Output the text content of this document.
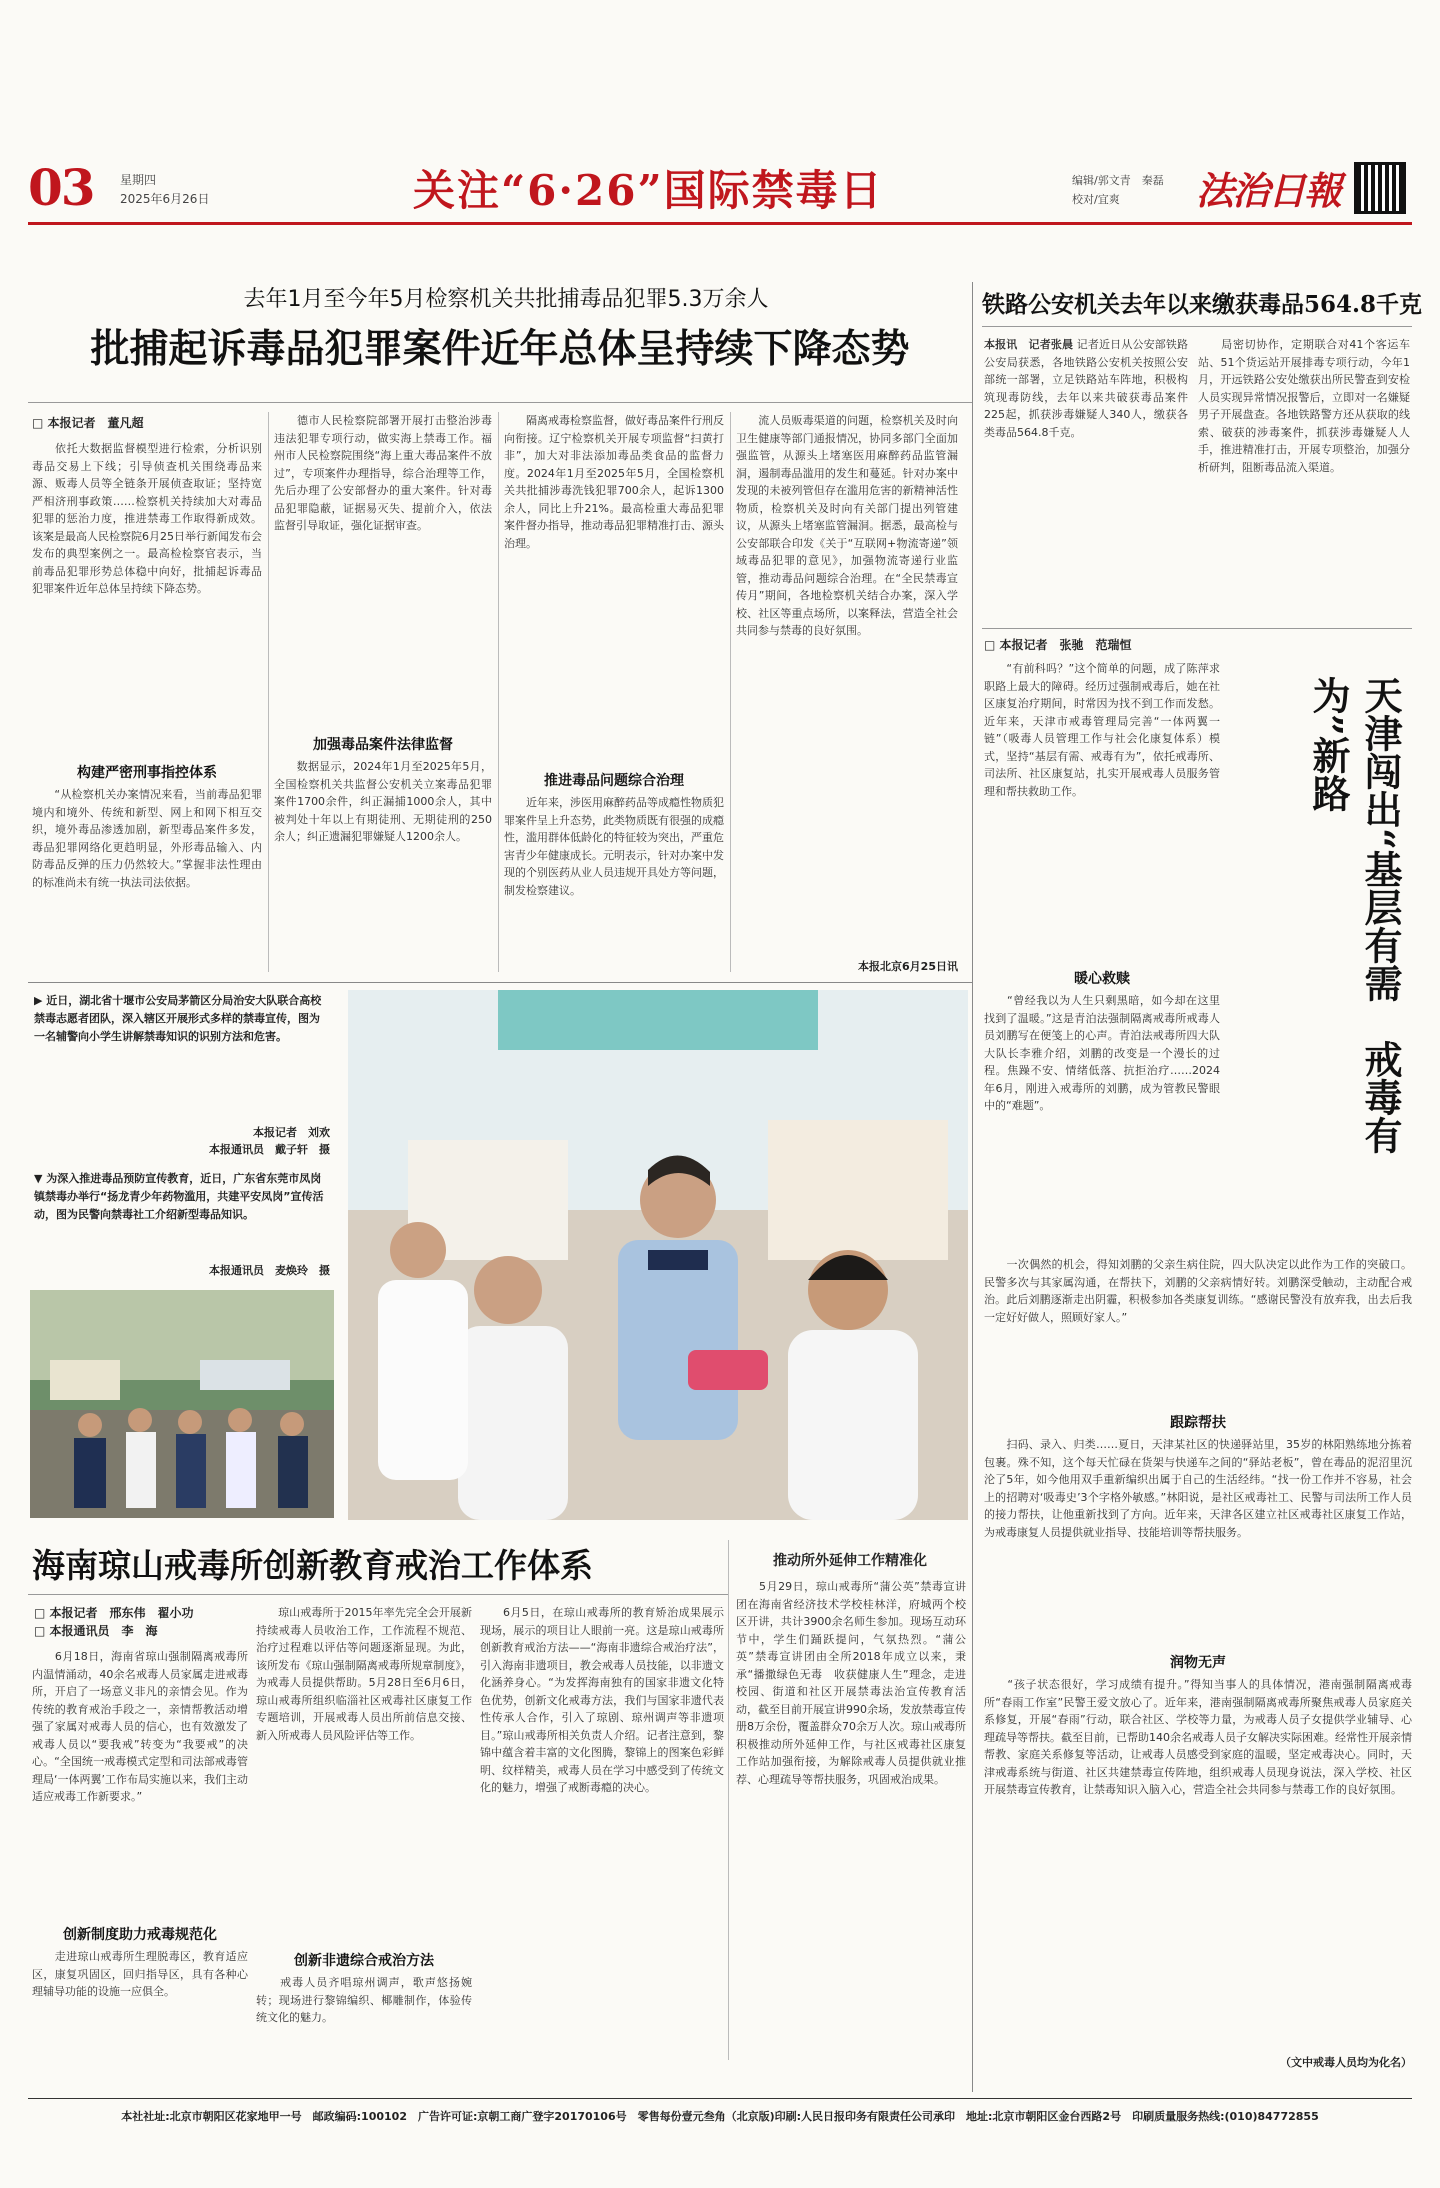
03 星期四
2025年6月26日	关注“6·26”国际禁毒日	编辑/郭文青　秦磊
校对/宜爽	法治日報
去年1月至今年5月检察机关共批捕毒品犯罪5.3万余人
批捕起诉毒品犯罪案件近年总体呈持续下降态势
□ 本报记者　董凡超
　　依托大数据监督模型进行检索，分析识别毒品交易上下线；引导侦查机关围绕毒品来源、贩毒人员等全链条开展侦查取证；坚持宽严相济刑事政策……检察机关持续加大对毒品犯罪的惩治力度，推进禁毒工作取得新成效。该案是最高人民检察院6月25日举行新闻发布会发布的典型案例之一。最高检检察官表示，当前毒品犯罪形势总体稳中向好，批捕起诉毒品犯罪案件近年总体呈持续下降态势。
构建严密刑事指控体系
　　“从检察机关办案情况来看，当前毒品犯罪境内和境外、传统和新型、网上和网下相互交织，境外毒品渗透加剧，新型毒品案件多发，毒品犯罪网络化更趋明显，外形毒品输入、内防毒品反弹的压力仍然较大。”掌握非法性理由的标准尚未有统一执法司法依据。
　　德市人民检察院部署开展打击整治涉毒违法犯罪专项行动，做实海上禁毒工作。福州市人民检察院围绕“海上重大毒品案件不放过”，专项案件办理指导，综合治理等工作，先后办理了公安部督办的重大案件。针对毒品犯罪隐蔽，证据易灭失、提前介入，依法监督引导取证，强化证据审查。
加强毒品案件法律监督
　　数据显示，2024年1月至2025年5月，全国检察机关共监督公安机关立案毒品犯罪案件1700余件，纠正漏捕1000余人，其中被判处十年以上有期徒刑、无期徒刑的250余人；纠正遗漏犯罪嫌疑人1200余人。
　　隔离戒毒检察监督，做好毒品案件行刑反向衔接。辽宁检察机关开展专项监督“扫黄打非”，加大对非法添加毒品类食品的监督力度。2024年1月至2025年5月，全国检察机关共批捕涉毒洗钱犯罪700余人，起诉1300余人，同比上升21%。最高检重大毒品犯罪案件督办指导，推动毒品犯罪精准打击、源头治理。
推进毒品问题综合治理
　　近年来，涉医用麻醉药品等成瘾性物质犯罪案件呈上升态势，此类物质既有很强的成瘾性，滥用群体低龄化的特征较为突出，严重危害青少年健康成长。元明表示，针对办案中发现的个别医药从业人员违规开具处方等问题，制发检察建议。
　　流人员贩毒渠道的问题，检察机关及时向卫生健康等部门通报情况，协同多部门全面加强监管，从源头上堵塞医用麻醉药品监管漏洞，遏制毒品滥用的发生和蔓延。针对办案中发现的未被列管但存在滥用危害的新精神活性物质，检察机关及时向有关部门提出列管建议，从源头上堵塞监管漏洞。据悉，最高检与公安部联合印发《关于“互联网+物流寄递”领域毒品犯罪的意见》，加强物流寄递行业监管，推动毒品问题综合治理。在“全民禁毒宣传月”期间，各地检察机关结合办案，深入学校、社区等重点场所，以案释法，营造全社会共同参与禁毒的良好氛围。
本报北京6月25日讯
铁路公安机关去年以来缴获毒品564.8千克
本报讯　记者张晨 记者近日从公安部铁路公安局获悉，各地铁路公安机关按照公安部统一部署，立足铁路站车阵地，积极构筑现毒防线，去年以来共破获毒品案件225起，抓获涉毒嫌疑人340人，缴获各类毒品564.8千克。
　　局密切协作，定期联合对41个客运车站、51个货运站开展排毒专项行动，今年1月，开远铁路公安处缴获出所民警查到安检人员实现异常情况报警后，立即对一名嫌疑男子开展盘查。各地铁路警方还从获取的线索、破获的涉毒案件，抓获涉毒嫌疑人人手，推进精准打击，开展专项整治，加强分析研判，阻断毒品流入渠道。
□ 本报记者　张驰　范瑞恒
　　“有前科吗？”这个简单的问题，成了陈萍求职路上最大的障碍。经历过强制戒毒后，她在社区康复治疗期间，时常因为找不到工作而发愁。近年来，天津市戒毒管理局完善“一体两翼一链”（吸毒人员管理工作与社会化康复体系）模式，坚持“基层有需、戒毒有为”，依托戒毒所、司法所、社区康复站，扎实开展戒毒人员服务管理和帮扶救助工作。	天津闯出“基层有需　戒毒有为”新路
暖心救赎
　　“曾经我以为人生只剩黑暗，如今却在这里找到了温暖。”这是青泊法强制隔离戒毒所戒毒人员刘鹏写在便笺上的心声。青泊法戒毒所四大队大队长李雅介绍，刘鹏的改变是一个漫长的过程。焦躁不安、情绪低落、抗拒治疗……2024年6月，刚进入戒毒所的刘鹏，成为管教民警眼中的“难题”。
　　一次偶然的机会，得知刘鹏的父亲生病住院，四大队决定以此作为工作的突破口。民警多次与其家属沟通，在帮扶下，刘鹏的父亲病情好转。刘鹏深受触动，主动配合戒治。此后刘鹏逐渐走出阴霾，积极参加各类康复训练。“感谢民警没有放弃我，出去后我一定好好做人，照顾好家人。”
跟踪帮扶
　　扫码、录入、归类……夏日，天津某社区的快递驿站里，35岁的林阳熟练地分拣着包裹。殊不知，这个每天忙碌在货架与快递车之间的“驿站老板”，曾在毒品的泥沼里沉沦了5年，如今他用双手重新编织出属于自己的生活经纬。“找一份工作并不容易，社会上的招聘对‘吸毒史’3个字格外敏感。”林阳说，是社区戒毒社工、民警与司法所工作人员的接力帮扶，让他重新找到了方向。近年来，天津各区建立社区戒毒社区康复工作站，为戒毒康复人员提供就业指导、技能培训等帮扶服务。
润物无声
　　“孩子状态很好，学习成绩有提升。”得知当事人的具体情况，港南强制隔离戒毒所“春雨工作室”民警王爱文放心了。近年来，港南强制隔离戒毒所聚焦戒毒人员家庭关系修复，开展“春雨”行动，联合社区、学校等力量，为戒毒人员子女提供学业辅导、心理疏导等帮扶。截至目前，已帮助140余名戒毒人员子女解决实际困难。经常性开展亲情帮教、家庭关系修复等活动，让戒毒人员感受到家庭的温暖，坚定戒毒决心。同时，天津戒毒系统与街道、社区共建禁毒宣传阵地，组织戒毒人员现身说法，深入学校、社区开展禁毒宣传教育，让禁毒知识入脑入心，营造全社会共同参与禁毒工作的良好氛围。
（文中戒毒人员均为化名）
▶ 近日，湖北省十堰市公安局茅箭区分局治安大队联合高校禁毒志愿者团队，深入辖区开展形式多样的禁毒宣传，图为一名辅警向小学生讲解禁毒知识的识别方法和危害。
本报记者　刘欢
本报通讯员　戴子轩　摄
▼ 为深入推进毒品预防宣传教育，近日，广东省东莞市凤岗镇禁毒办举行“扬龙青少年药物滥用，共建平安凤岗”宣传活动，图为民警向禁毒社工介绍新型毒品知识。
本报通讯员　麦焕玲　摄
海南琼山戒毒所创新教育戒治工作体系	推动所外延伸工作精准化
□ 本报记者　邢东伟　翟小功
□ 本报通讯员　李　海
　　6月18日，海南省琼山强制隔离戒毒所内温情涌动，40余名戒毒人员家属走进戒毒所，开启了一场意义非凡的亲情会见。作为传统的教育戒治手段之一，亲情帮教活动增强了家属对戒毒人员的信心，也有效激发了戒毒人员以“要我戒”转变为“我要戒”的决心。“全国统一戒毒模式定型和司法部戒毒管理局‘一体两翼’工作布局实施以来，我们主动适应戒毒工作新要求。”
创新制度助力戒毒规范化
　　走进琼山戒毒所生理脱毒区，教育适应区，康复巩固区，回归指导区，具有各种心理辅导功能的设施一应俱全。
　　琼山戒毒所于2015年率先完全会开展新持续戒毒人员收治工作，工作流程不规范、治疗过程难以评估等问题逐渐显现。为此，该所发布《琼山强制隔离戒毒所规章制度》，为戒毒人员提供帮助。5月28日至6月6日，琼山戒毒所组织临淄社区戒毒社区康复工作专题培训，开展戒毒人员出所前信息交接、新入所戒毒人员风险评估等工作。
创新非遗综合戒治方法
　　戒毒人员齐唱琼州调声，歌声悠扬婉转；现场进行黎锦编织、椰雕制作，体验传统文化的魅力。
　　6月5日，在琼山戒毒所的教育矫治成果展示现场，展示的项目让人眼前一亮。这是琼山戒毒所创新教育戒治方法——“海南非遗综合戒治疗法”，引入海南非遗项目，教会戒毒人员技能，以非遗文化涵养身心。“为发挥海南独有的国家非遗文化特色优势，创新文化戒毒方法，我们与国家非遗代表性传承人合作，引入了琼剧、琼州调声等非遗项目。”琼山戒毒所相关负责人介绍。记者注意到，黎锦中蕴含着丰富的文化图腾，黎锦上的图案色彩鲜明、纹样精美，戒毒人员在学习中感受到了传统文化的魅力，增强了戒断毒瘾的决心。
　　5月29日，琼山戒毒所“蒲公英”禁毒宣讲团在海南省经济技术学校桂林洋，府城两个校区开讲，共计3900余名师生参加。现场互动环节中，学生们踊跃提问，气氛热烈。“蒲公英”禁毒宣讲团由全所2018年成立以来，秉承“播撒绿色无毒　收获健康人生”理念，走进校园、街道和社区开展禁毒法治宣传教育活动，截至目前开展宣讲990余场，发放禁毒宣传册8万余份，覆盖群众70余万人次。琼山戒毒所积极推动所外延伸工作，与社区戒毒社区康复工作站加强衔接，为解除戒毒人员提供就业推荐、心理疏导等帮扶服务，巩固戒治成果。
本社社址:北京市朝阳区花家地甲一号　邮政编码:100102　广告许可证:京朝工商广登字20170106号　零售每份壹元叁角（北京版)印刷:人民日报印务有限责任公司承印　地址:北京市朝阳区金台西路2号　印刷质量服务热线:(010)84772855
